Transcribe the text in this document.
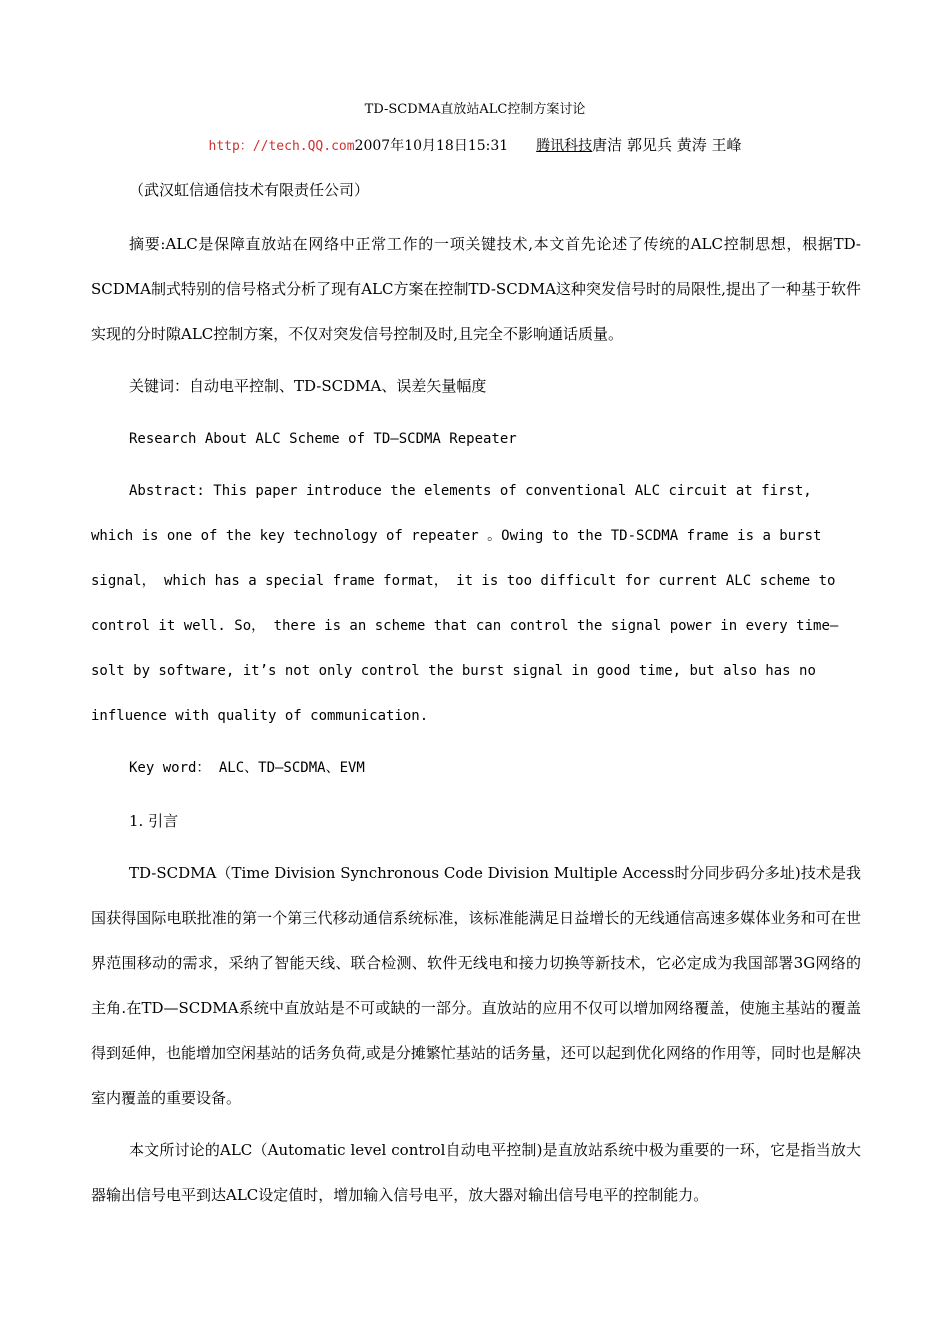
TD-SCDMA直放站ALC控制方案讨论
http：//tech.QQ.com2007年10月18日15:31 腾讯科技唐洁 郭见兵 黄涛 王峰

（武汉虹信通信技术有限责任公司）

摘要:ALC是保障直放站在网络中正常工作的一项关键技术,本文首先论述了传统的ALC控制思想，根据TD-SCDMA制式特别的信号格式分析了现有ALC方案在控制TD-SCDMA这种突发信号时的局限性,提出了一种基于软件实现的分时隙ALC控制方案，不仅对突发信号控制及时,且完全不影响通话质量。

关键词：自动电平控制、TD-SCDMA、误差矢量幅度

Research About ALC Scheme of TD—SCDMA Repeater

Abstract: This paper introduce the elements of conventional ALC circuit at first, which is one of the key technology of repeater 。Owing to the TD-SCDMA frame is a burst signal， which has a special frame format， it is too difficult for current ALC scheme to control it well. So， there is an scheme that can control the signal power in every time—solt by software, it’s not only control the burst signal in good time, but also has no influence with quality of communication.

Key word： ALC、TD—SCDMA、EVM

1. 引言

TD-SCDMA（Time Division Synchronous Code Division Multiple Access时分同步码分多址)技术是我国获得国际电联批准的第一个第三代移动通信系统标准，该标准能满足日益增长的无线通信高速多媒体业务和可在世界范围移动的需求，采纳了智能天线、联合检测、软件无线电和接力切换等新技术，它必定成为我国部署3G网络的主角.在TD—SCDMA系统中直放站是不可或缺的一部分。直放站的应用不仅可以增加网络覆盖，使施主基站的覆盖得到延伸，也能增加空闲基站的话务负荷,或是分摊繁忙基站的话务量，还可以起到优化网络的作用等，同时也是解决室内覆盖的重要设备。

本文所讨论的ALC（Automatic level control自动电平控制)是直放站系统中极为重要的一环，它是指当放大器输出信号电平到达ALC设定值时，增加输入信号电平，放大器对输出信号电平的控制能力。
